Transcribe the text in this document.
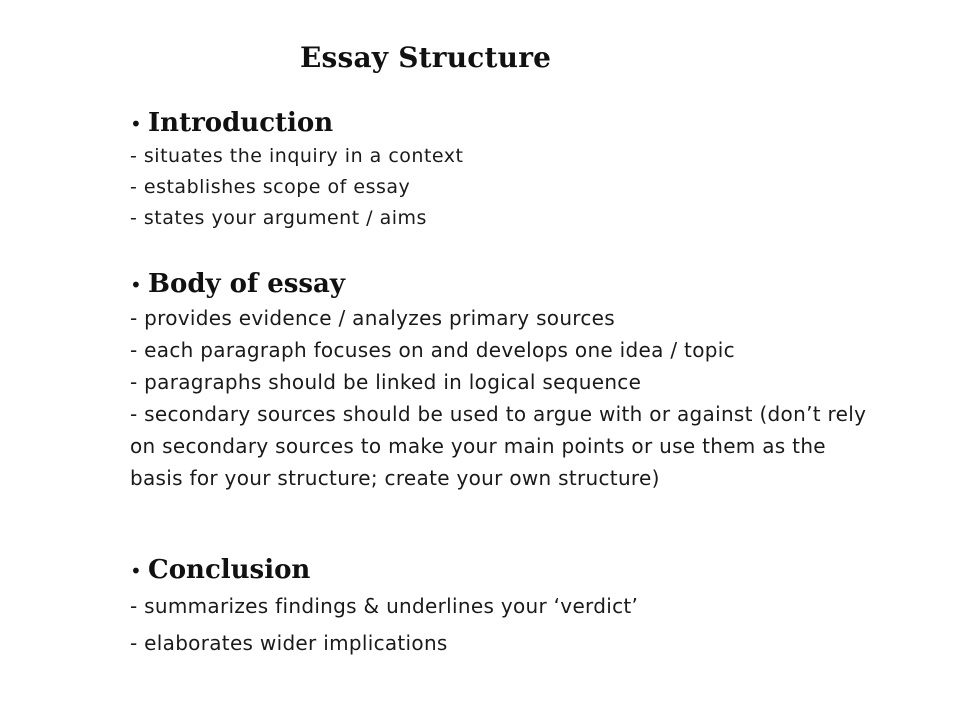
Essay Structure
• Introduction
- situates the inquiry in a context
- establishes scope of essay
- states your argument / aims
• Body of essay
- provides evidence / analyzes primary sources
- each paragraph focuses on and develops one idea / topic
- paragraphs should be linked in logical sequence
- secondary sources should be used to argue with or against (don’t rely on secondary sources to make your main points or use them as the basis for your structure; create your own structure)
• Conclusion
- summarizes findings & underlines your ‘verdict’
- elaborates wider implications
